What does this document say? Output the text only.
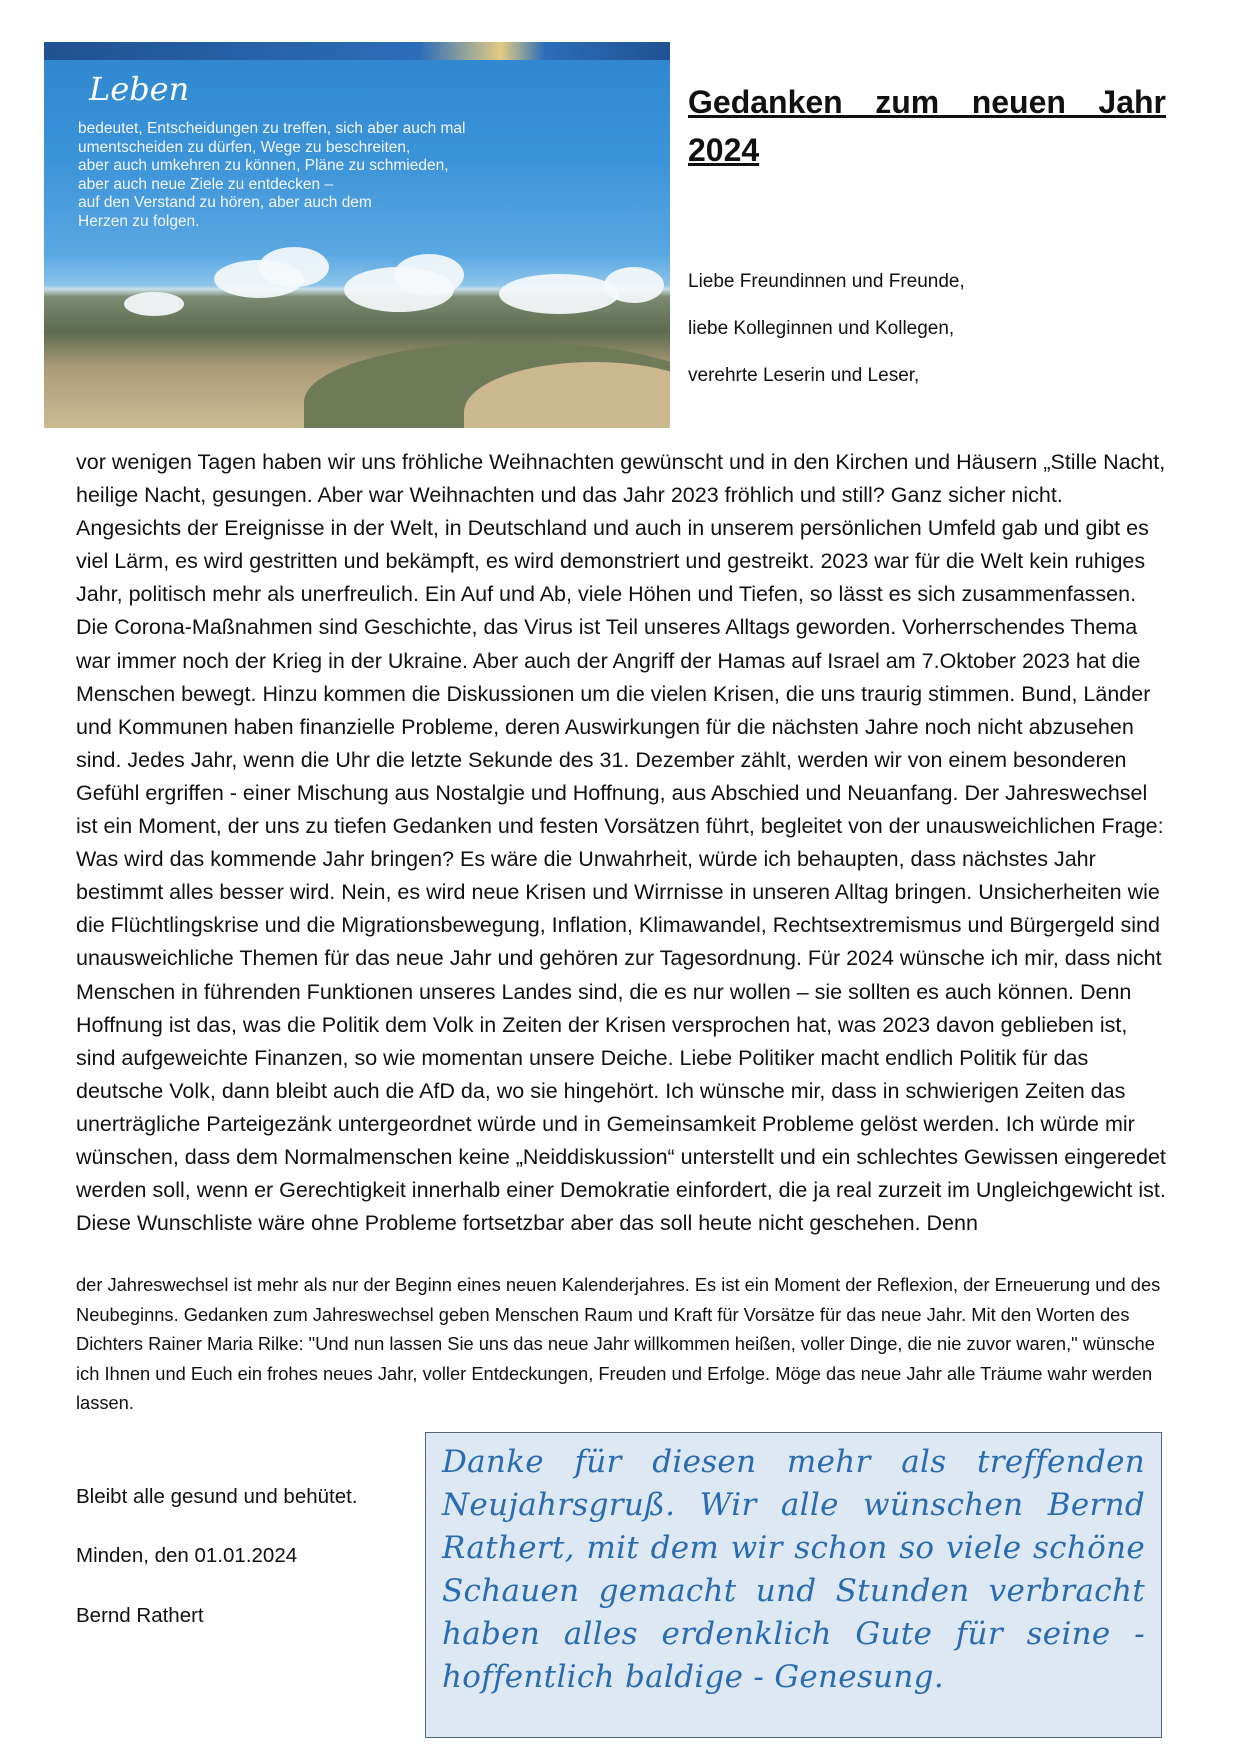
Leben
bedeutet, Entscheidungen zu treffen, sich aber auch mal
umentscheiden zu dürfen, Wege zu beschreiten,
aber auch umkehren zu können, Pläne zu schmieden,
aber auch neue Ziele zu entdecken –
auf den Verstand zu hören, aber auch dem
Herzen zu folgen.
Gedanken zum neuen Jahr 2024
Liebe Freundinnen und Freunde,
liebe Kolleginnen und Kollegen,
verehrte Leserin und Leser,
vor wenigen Tagen haben wir uns fröhliche Weihnachten gewünscht und in den Kirchen und Häusern „Stille Nacht, heilige Nacht, gesungen. Aber war Weihnachten und das Jahr 2023 fröhlich und still? Ganz sicher nicht. Angesichts der Ereignisse in der Welt, in Deutschland und auch in unserem persönlichen Umfeld gab und gibt es viel Lärm, es wird gestritten und bekämpft, es wird demonstriert und gestreikt. 2023 war für die Welt kein ruhiges Jahr, politisch mehr als unerfreulich. Ein Auf und Ab, viele Höhen und Tiefen, so lässt es sich zusammenfassen. Die Corona-Maßnahmen sind Geschichte, das Virus ist Teil unseres Alltags geworden. Vorherrschendes Thema war immer noch der Krieg in der Ukraine. Aber auch der Angriff der Hamas auf Israel am 7.Oktober 2023 hat die Menschen bewegt. Hinzu kommen die Diskussionen um die vielen Krisen, die uns traurig stimmen. Bund, Länder und Kommunen haben finanzielle Probleme, deren Auswirkungen für die nächsten Jahre noch nicht abzusehen sind. Jedes Jahr, wenn die Uhr die letzte Sekunde des 31. Dezember zählt, werden wir von einem besonderen Gefühl ergriffen - einer Mischung aus Nostalgie und Hoffnung, aus Abschied und Neuanfang. Der Jahreswechsel ist ein Moment, der uns zu tiefen Gedanken und festen Vorsätzen führt, begleitet von der unausweichlichen Frage: Was wird das kommende Jahr bringen? Es wäre die Unwahrheit, würde ich behaupten, dass nächstes Jahr bestimmt alles besser wird. Nein, es wird neue Krisen und Wirrnisse in unseren Alltag bringen. Unsicherheiten wie die Flüchtlingskrise und die Migrationsbewegung, Inflation, Klimawandel, Rechtsextremismus und Bürgergeld sind unausweichliche Themen für das neue Jahr und gehören zur Tagesordnung. Für 2024 wünsche ich mir, dass nicht Menschen in führenden Funktionen unseres Landes sind, die es nur wollen – sie sollten es auch können. Denn Hoffnung ist das, was die Politik dem Volk in Zeiten der Krisen versprochen hat, was 2023 davon geblieben ist, sind aufgeweichte Finanzen, so wie momentan unsere Deiche. Liebe Politiker macht endlich Politik für das deutsche Volk, dann bleibt auch die AfD da, wo sie hingehört. Ich wünsche mir, dass in schwierigen Zeiten das unerträgliche Parteigezänk untergeordnet würde und in Gemeinsamkeit Probleme gelöst werden. Ich würde mir wünschen, dass dem Normalmenschen keine „Neiddiskussion“ unterstellt und ein schlechtes Gewissen eingeredet werden soll, wenn er Gerechtigkeit innerhalb einer Demokratie einfordert, die ja real zurzeit im Ungleichgewicht ist. Diese Wunschliste wäre ohne Probleme fortsetzbar aber das soll heute nicht geschehen. Denn
der Jahreswechsel ist mehr als nur der Beginn eines neuen Kalenderjahres. Es ist ein Moment der Reflexion, der Erneuerung und des Neubeginns. Gedanken zum Jahreswechsel geben Menschen Raum und Kraft für Vorsätze für das neue Jahr. Mit den Worten des Dichters Rainer Maria Rilke: "Und nun lassen Sie uns das neue Jahr willkommen heißen, voller Dinge, die nie zuvor waren," wünsche ich Ihnen und Euch ein frohes neues Jahr, voller Entdeckungen, Freuden und Erfolge. Möge das neue Jahr alle Träume wahr werden lassen.
Bleibt alle gesund und behütet.
Minden, den 01.01.2024
Bernd Rathert
Danke für diesen mehr als treffenden Neujahrsgruß. Wir alle wünschen Bernd Rathert, mit dem wir schon so viele schöne Schauen gemacht und Stunden verbracht haben alles erdenklich Gute für seine - hoffentlich baldige - Genesung.
